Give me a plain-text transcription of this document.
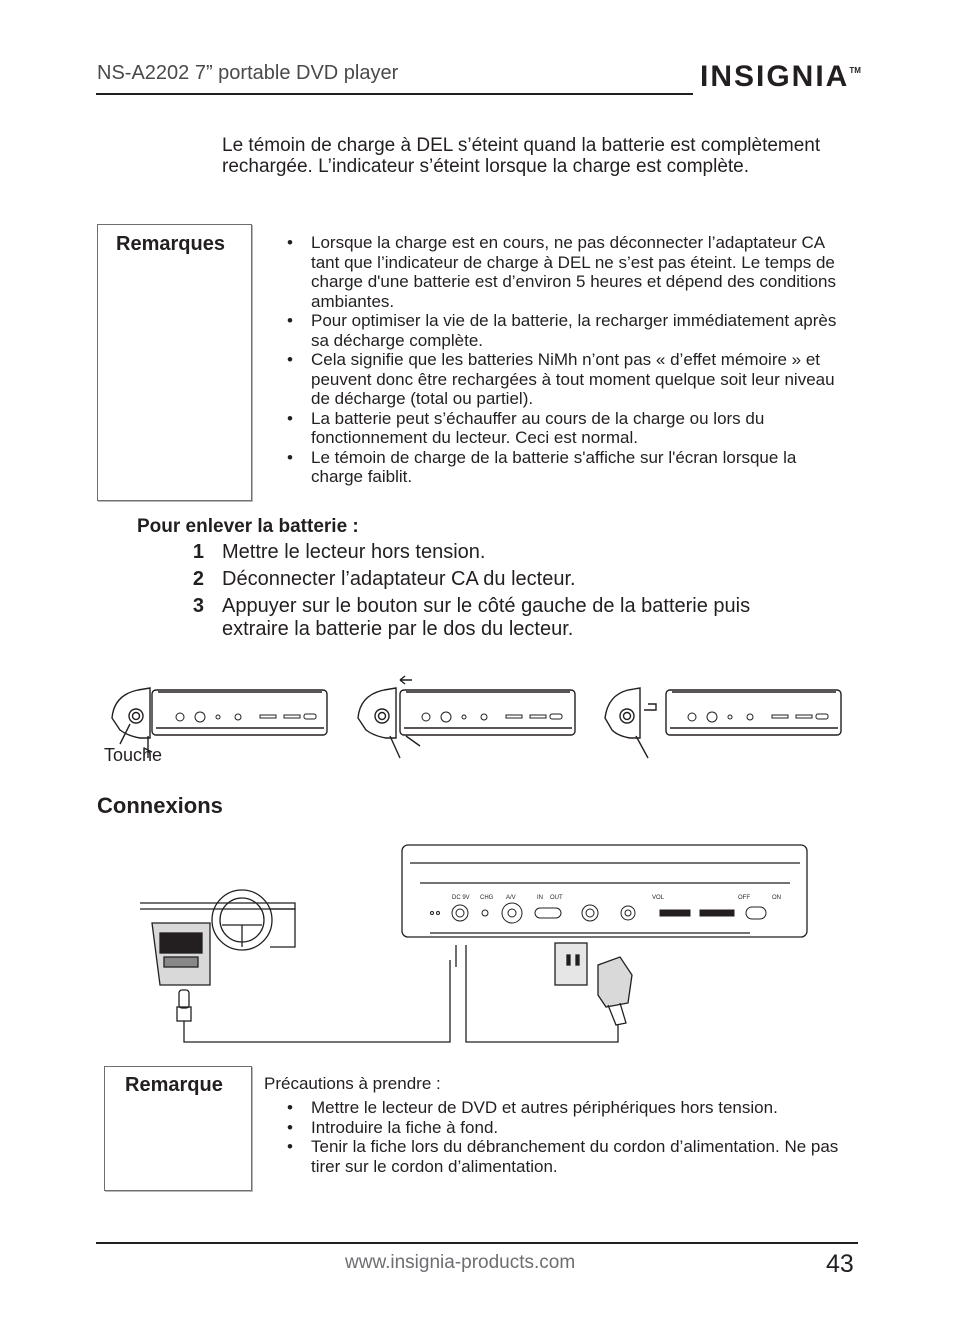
NS-A2202 7” portable DVD player	INSIGNIA™
Le témoin de charge à DEL s’éteint quand la batterie est complètement rechargée. L’indicateur s’éteint lorsque la charge est complète.
Remarques
•	Lorsque la charge est en cours, ne pas déconnecter l’adaptateur CA tant que l’indicateur de charge à DEL ne s’est pas éteint. Le temps de charge d'une batterie est d’environ 5 heures et dépend des conditions ambiantes.
• Pour optimiser la vie de la batterie, la recharger immédiatement après sa décharge complète.
• Cela signifie que les batteries NiMh n’ont pas « d’effet mémoire » et peuvent donc être rechargées à tout moment quelque soit leur niveau de décharge (total ou partiel).
• La batterie peut s’échauffer au cours de la charge ou lors du fonctionnement du lecteur. Ceci est normal.
• Le témoin de charge de la batterie s'affiche sur l'écran lorsque la charge faiblit.
Pour enlever la batterie :
1 Mettre le lecteur hors tension.
2 Déconnecter l’adaptateur CA du lecteur.
3 Appuyer sur le bouton sur le côté gauche de la batterie puis extraire la batterie par le dos du lecteur.
Touche
Connexions
DC 9V CHG A/V	IN OUT	VOL	OFF	ON
Remarque Précautions à prendre :
• Mettre le lecteur de DVD et autres périphériques hors tension.
• Introduire la fiche à fond.
• Tenir la fiche lors du débranchement du cordon d’alimentation. Ne pas tirer sur le cordon d’alimentation.
www.insignia-products.com	43
